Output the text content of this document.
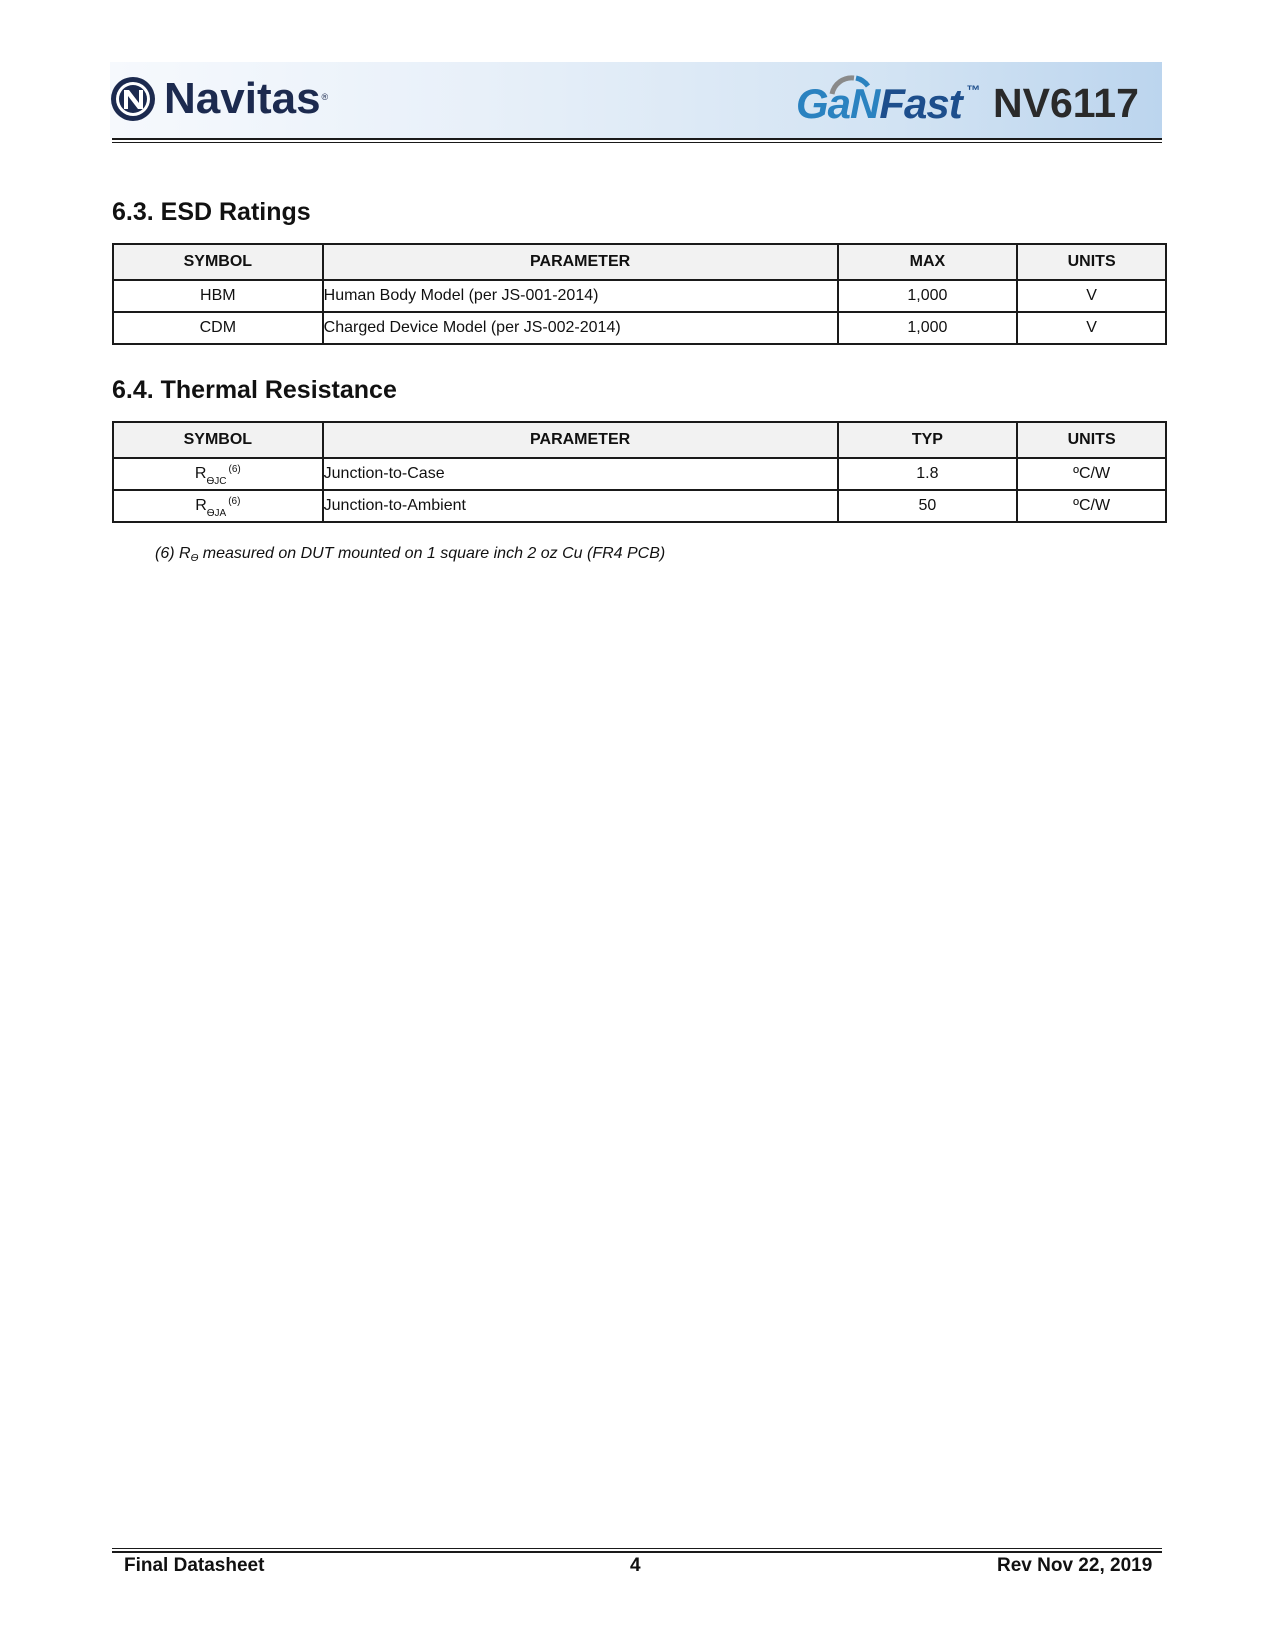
Navitas ®	GaNFast ™ NV6117
6.3. ESD Ratings
SYMBOL	PARAMETER	MAX	UNITS
HBM	Human Body Model (per JS-001-2014)	1,000	V
CDM	Charged Device Model (per JS-002-2014)	1,000	V
6.4. Thermal Resistance
SYMBOL	PARAMETER	TYP	UNITS
$R_{ѲJC}^{(6)}$	Junction-to-Case	1.8	ºC/W
$R_{ѲJA}^{(6)}$	Junction-to-Ambient	50	ºC/W
(6) RѲ measured on DUT mounted on 1 square inch 2 oz Cu (FR4 PCB)
Final Datasheet	4	Rev Nov 22, 2019
